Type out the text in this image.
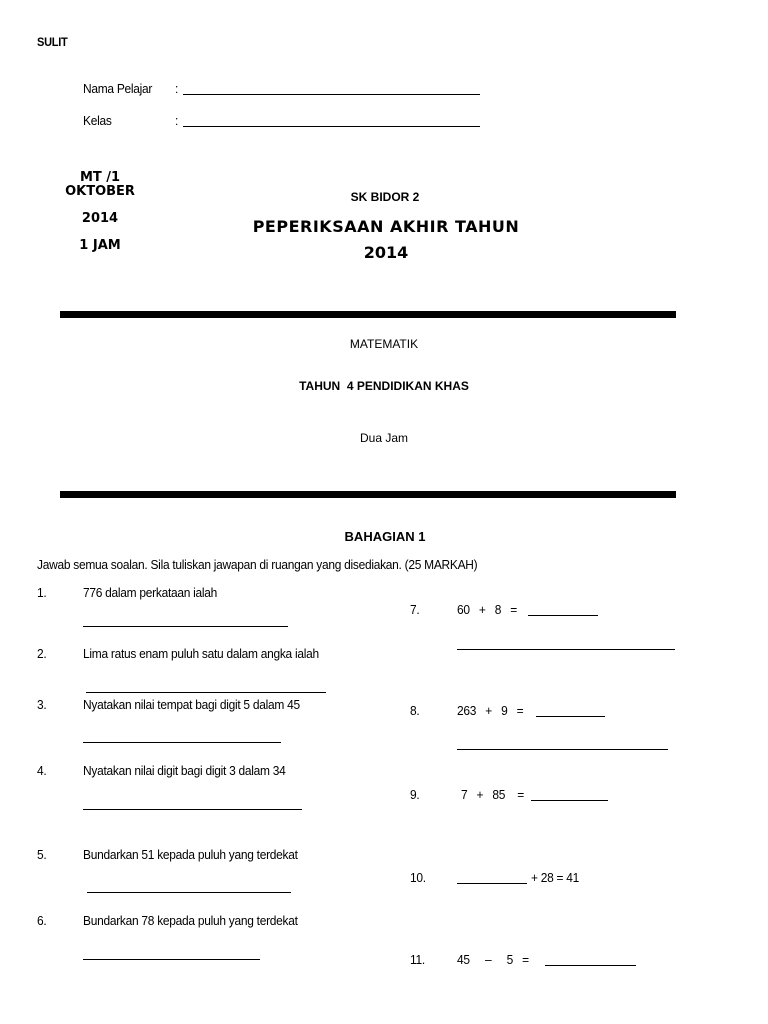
SULIT
Nama Pelajar :
Kelas	:
MT /1
OKTOBER
2014
1 JAM
SK BIDOR 2
PEPERIKSAAN AKHIR TAHUN
2014
MATEMATIK
TAHUN  4 PENDIDIKAN KHAS
Dua Jam
BAHAGIAN 1
Jawab semua soalan. Sila tuliskan jawapan di ruangan yang disediakan. (25 MARKAH)
1.	776 dalam perkataan ialah
2.	Lima ratus enam puluh satu dalam angka ialah
3.	Nyatakan nilai tempat bagi digit 5 dalam 45
4.	Nyatakan nilai digit bagi digit 3 dalam 34
5.	Bundarkan 51 kepada puluh yang terdekat
6.	Bundarkan 78 kepada puluh yang terdekat
7.	60   +   8   =
8.	263   +   9   =
9.	7   +   85    =
10.	+ 28 = 41
11. 45     –     5   =
